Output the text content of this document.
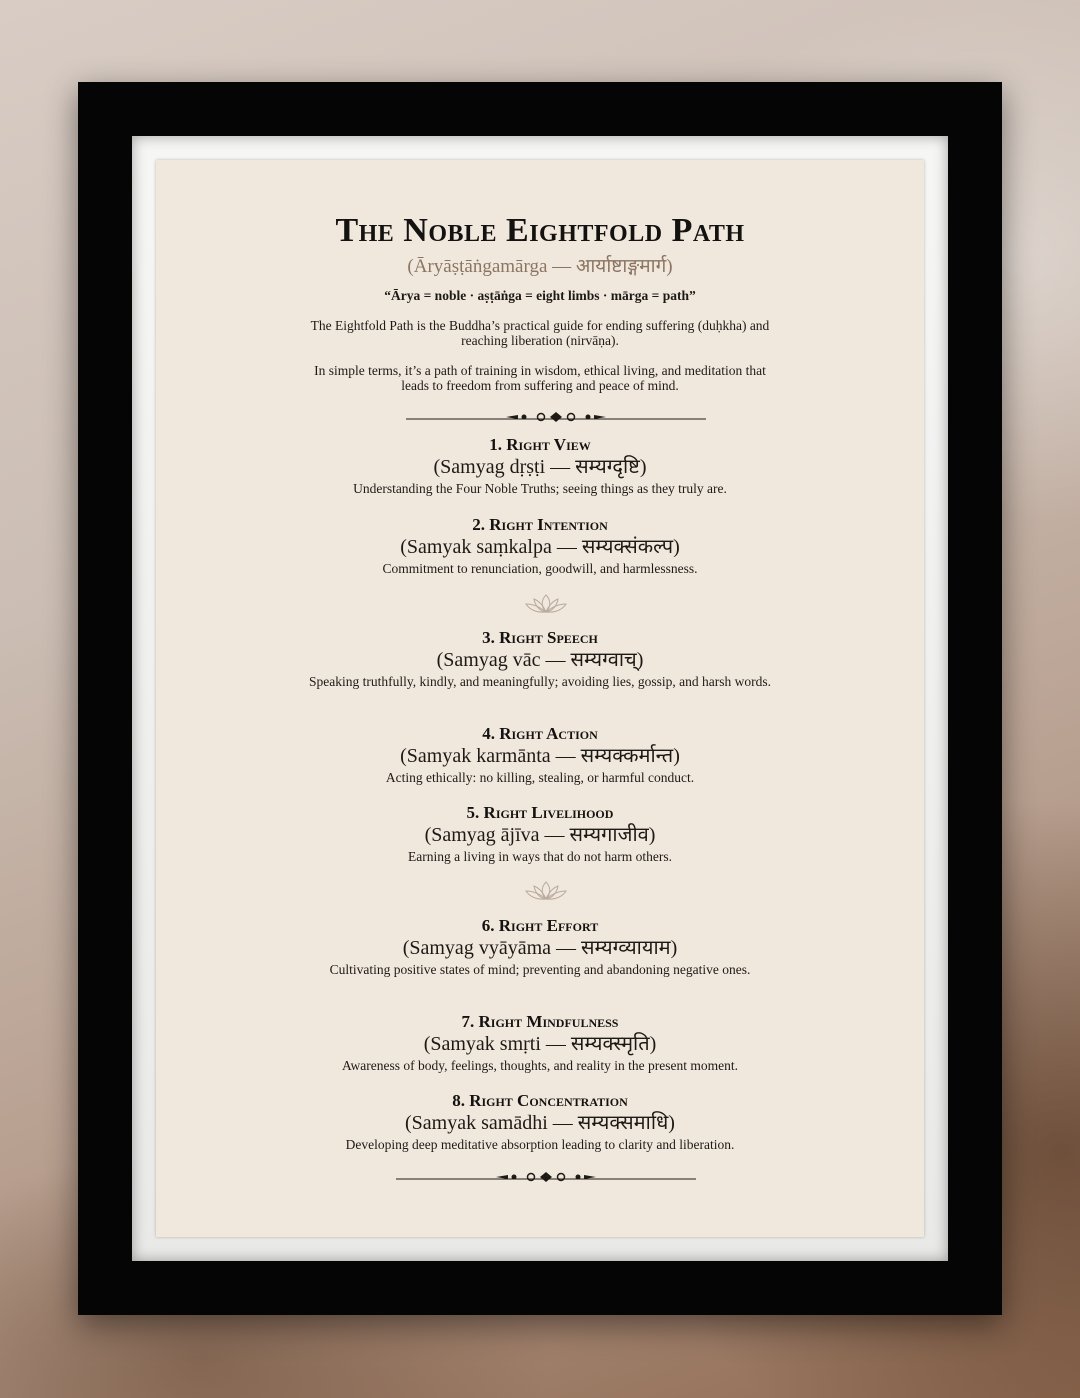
The Noble Eightfold Path

(Āryāṣṭāṅgamārga — आर्याष्टाङ्गमार्ग)

“Ārya = noble · aṣṭāṅga = eight limbs · mārga = path”

The Eightfold Path is the Buddha’s practical guide for ending suffering (duḥkha) and reaching liberation (nirvāṇa).

In simple terms, it’s a path of training in wisdom, ethical living, and meditation that leads to freedom from suffering and peace of mind.

1. Right View

(Samyag dṛṣṭi — सम्यग्दृष्टि)

Understanding the Four Noble Truths; seeing things as they truly are.

2. Right Intention

(Samyak saṃkalpa — सम्यक्संकल्प)

Commitment to renunciation, goodwill, and harmlessness.

3. Right Speech

(Samyag vāc — सम्यग्वाच्)

Speaking truthfully, kindly, and meaningfully; avoiding lies, gossip, and harsh words.

4. Right Action

(Samyak karmānta — सम्यक्कर्मान्त)

Acting ethically: no killing, stealing, or harmful conduct.

5. Right Livelihood

(Samyag ājīva — सम्यगाजीव)

Earning a living in ways that do not harm others.

6. Right Effort

(Samyag vyāyāma — सम्यग्व्यायाम)

Cultivating positive states of mind; preventing and abandoning negative ones.

7. Right Mindfulness

(Samyak smṛti — सम्यक्स्मृति)

Awareness of body, feelings, thoughts, and reality in the present moment.

8. Right Concentration

(Samyak samādhi — सम्यक्समाधि)

Developing deep meditative absorption leading to clarity and liberation.
